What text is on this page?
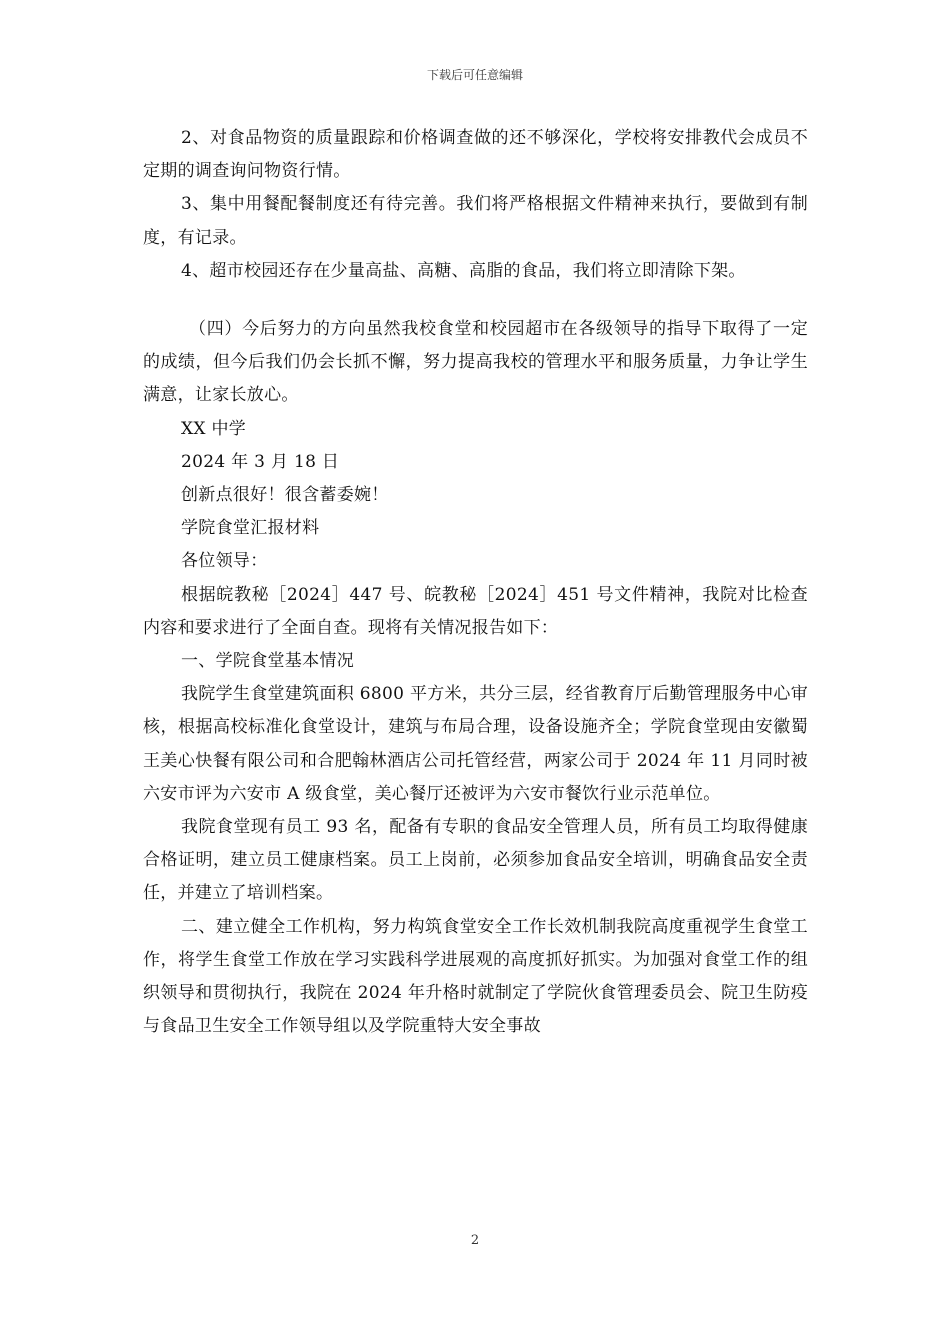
下载后可任意编辑

2、对食品物资的质量跟踪和价格调查做的还不够深化，学校将安排教代会成员不定期的调查询问物资行情。

3、集中用餐配餐制度还有待完善。我们将严格根据文件精神来执行，要做到有制度，有记录。

4、超市校园还存在少量高盐、高糖、高脂的食品，我们将立即清除下架。

（四）今后努力的方向虽然我校食堂和校园超市在各级领导的指导下取得了一定的成绩，但今后我们仍会长抓不懈，努力提高我校的管理水平和服务质量，力争让学生满意，让家长放心。

XX 中学

2024 年 3 月 18 日

创新点很好！很含蓄委婉！

学院食堂汇报材料

各位领导：

根据皖教秘［2024］447 号、皖教秘［2024］451 号文件精神，我院对比检查内容和要求进行了全面自查。现将有关情况报告如下：

一、学院食堂基本情况

我院学生食堂建筑面积 6800 平方米，共分三层，经省教育厅后勤管理服务中心审核，根据高校标准化食堂设计，建筑与布局合理，设备设施齐全；学院食堂现由安徽蜀王美心快餐有限公司和合肥翰林酒店公司托管经营，两家公司于 2024 年 11 月同时被六安市评为六安市 A 级食堂，美心餐厅还被评为六安市餐饮行业示范单位。

我院食堂现有员工 93 名，配备有专职的食品安全管理人员，所有员工均取得健康合格证明，建立员工健康档案。员工上岗前，必须参加食品安全培训，明确食品安全责任，并建立了培训档案。

二、建立健全工作机构，努力构筑食堂安全工作长效机制我院高度重视学生食堂工作，将学生食堂工作放在学习实践科学进展观的高度抓好抓实。为加强对食堂工作的组织领导和贯彻执行，我院在 2024 年升格时就制定了学院伙食管理委员会、院卫生防疫与食品卫生安全工作领导组以及学院重特大安全事故

2
